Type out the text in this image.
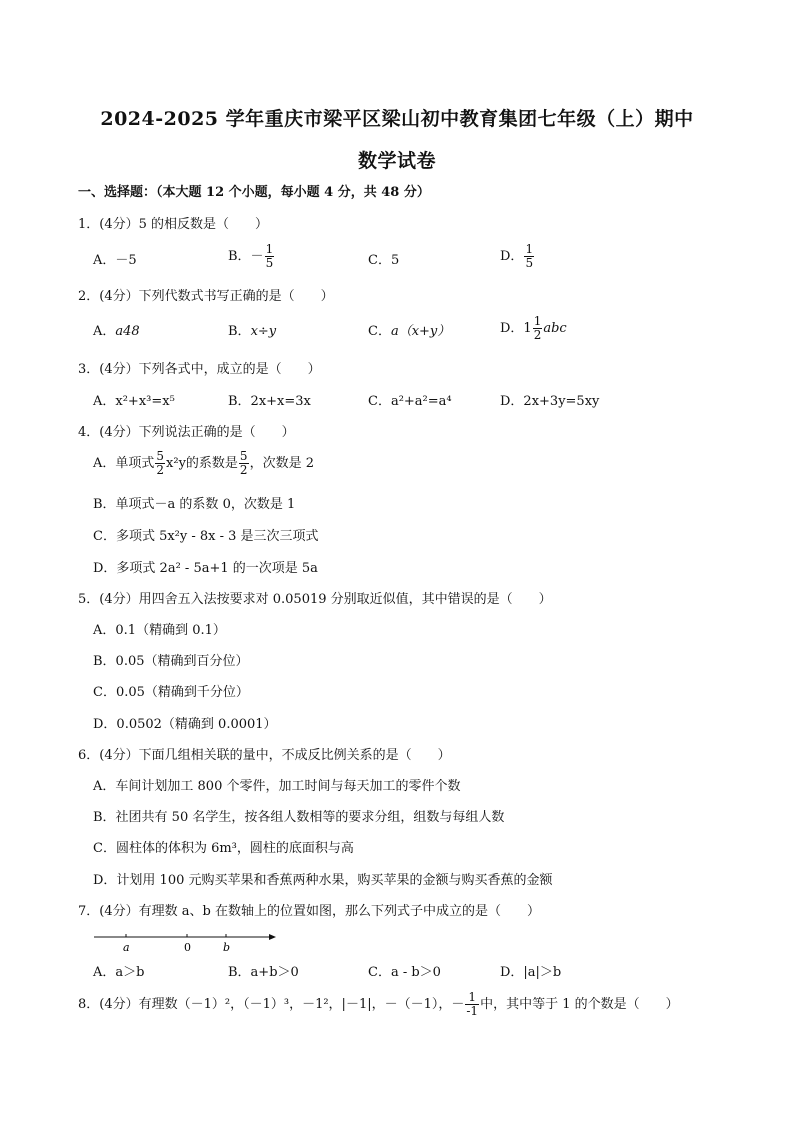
2024-2025 学年重庆市梁平区梁山初中教育集团七年级（上）期中
数学试卷
一、选择题：（本大题 12 个小题，每小题 4 分，共 48 分）
1．(4分）5 的相反数是（　　）
A．－5	B．－ $\frac{1}{5}$	C．5	D． $\frac{1}{5}$
2．(4分）下列代数式书写正确的是（　　）
A．a48	B．x÷y	C．a（x+y）	D．$1 \frac{1}{2}$ abc
3．(4分）下列各式中，成立的是（　　）
A．x²+x³=x⁵	B．2x+x=3x	C．a²+a²=a⁴	D．2x+3y=5xy
4．(4分）下列说法正确的是（　　）
A．单项式 $\frac{5}{2} x^2y$的系数是 $\frac{5}{2}$ ，次数是 2
B．单项式－a 的系数 0，次数是 1
C．多项式 5x²y - 8x - 3 是三次三项式
D．多项式 2a² - 5a+1 的一次项是 5a
5．(4分）用四舍五入法按要求对 0.05019 分别取近似值，其中错误的是（　　）
A．0.1（精确到 0.1）
B．0.05（精确到百分位）
C．0.05（精确到千分位）
D．0.0502（精确到 0.0001）
6．(4分）下面几组相关联的量中，不成反比例关系的是（　　）
A．车间计划加工 800 个零件，加工时间与每天加工的零件个数
B．社团共有 50 名学生，按各组人数相等的要求分组，组数与每组人数
C．圆柱体的体积为 6m³，圆柱的底面积与高
D．计划用 100 元购买苹果和香蕉两种水果，购买苹果的金额与购买香蕉的金额
7．(4分）有理数 a、b 在数轴上的位置如图，那么下列式子中成立的是（　　）
a	0	b
A．a＞b	B．a+b＞0	C．a - b＞0	D．|a|＞b
8．(4分）有理数（－1）²，（－1）³，－1²，|－1|，－（－1），－ $\frac{1}{-1}$ 中，其中等于 1 的个数是（　　）
